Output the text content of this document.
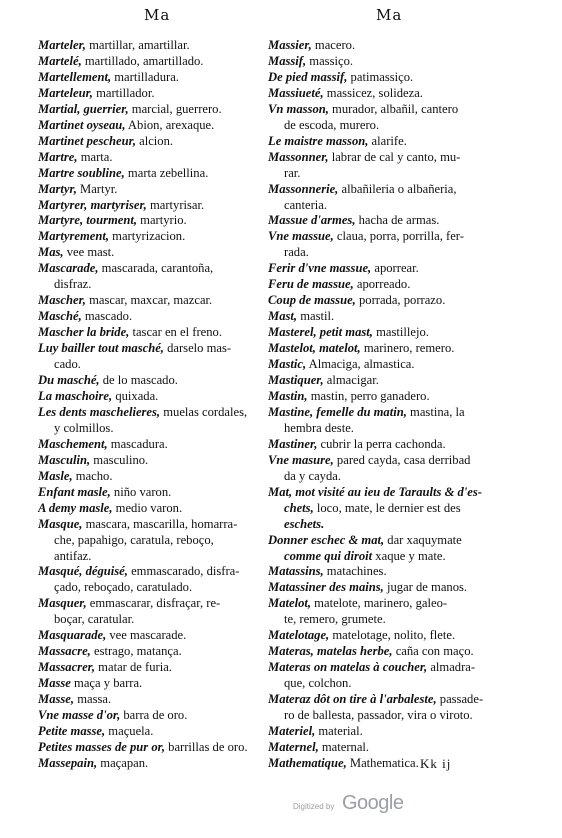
Ma	Ma
Marteler, martillar, amartillar.
Martelé, martillado, amartillado.
Martellement, martilladura.
Marteleur, martillador.
Martial, guerrier, marcial, guerrero.
Martinet oyseau, Abion, arexaque.
Martinet pescheur, alcion.
Martre, marta.
Martre soubline, marta zebellina.
Martyr, Martyr.
Martyrer, martyriser, martyrisar.
Martyre, tourment, martyrio.
Martyrement, martyrizacion.
Mas, vee mast.
Mascarade, mascarada, carantoña,
disfraz.
Mascher, mascar, maxcar, mazcar.
Masché, mascado.
Mascher la bride, tascar en el freno.
Luy bailler tout masché, darselo mas-
cado.
Du masché, de lo mascado.
La maschoire, quixada.
Les dents maschelieres, muelas cordales,
y colmillos.
Maschement, mascadura.
Masculin, masculino.
Masle, macho.
Enfant masle, niño varon.
A demy masle, medio varon.
Masque, mascara, mascarilla, homarra-
che, papahigo, caratula, reboço,
antifaz.
Masqué, déguisé, emmascarado, disfra-
çado, reboçado, caratulado.
Masquer, emmascarar, disfraçar, re-
boçar, caratular.
Masquarade, vee mascarade.
Massacre, estrago, matança.
Massacrer, matar de furia.
Masse maça y barra.
Masse, massa.
Vne masse d'or, barra de oro.
Petite masse, maçuela.
Petites masses de pur or, barrillas de oro.
Massepain, maçapan.
Massier, macero.
Massif, massiço.
De pied massif, patimassiço.
Massiueté, massicez, solideza.
Vn masson, murador, albañil, cantero
de escoda, murero.
Le maistre masson, alarife.
Massonner, labrar de cal y canto, mu-
rar.
Massonnerie, albañileria o albañeria,
canteria.
Massue d'armes, hacha de armas.
Vne massue, claua, porra, porrilla, fer-
rada.
Ferir d'vne massue, aporrear.
Feru de massue, aporreado.
Coup de massue, porrada, porrazo.
Mast, mastil.
Masterel, petit mast, mastillejo.
Mastelot, matelot, marinero, remero.
Mastic, Almaciga, almastica.
Mastiquer, almacigar.
Mastin, mastin, perro ganadero.
Mastine, femelle du matin, mastina, la
hembra deste.
Mastiner, cubrir la perra cachonda.
Vne masure, pared cayda, casa derribad
da y cayda.
Mat, mot visité au ieu de Taraults & d'es-
chets, loco, mate, le dernier est des
eschets.
Donner eschec & mat, dar xaquymate
comme qui diroit xaque y mate.
Matassins, matachines.
Matassiner des mains, jugar de manos.
Matelot, matelote, marinero, galeo-
te, remero, grumete.
Matelotage, matelotage, nolito, flete.
Materas, matelas herbe, caña con maço.
Materas on matelas à coucher, almadra-
que, colchon.
Materaz dôt on tire à l'arbaleste, passade-
ro de ballesta, passador, vira o viroto.
Materiel, material.
Maternel, maternal.
Mathematique, Mathematica. Kk ij
Digitized by Google
